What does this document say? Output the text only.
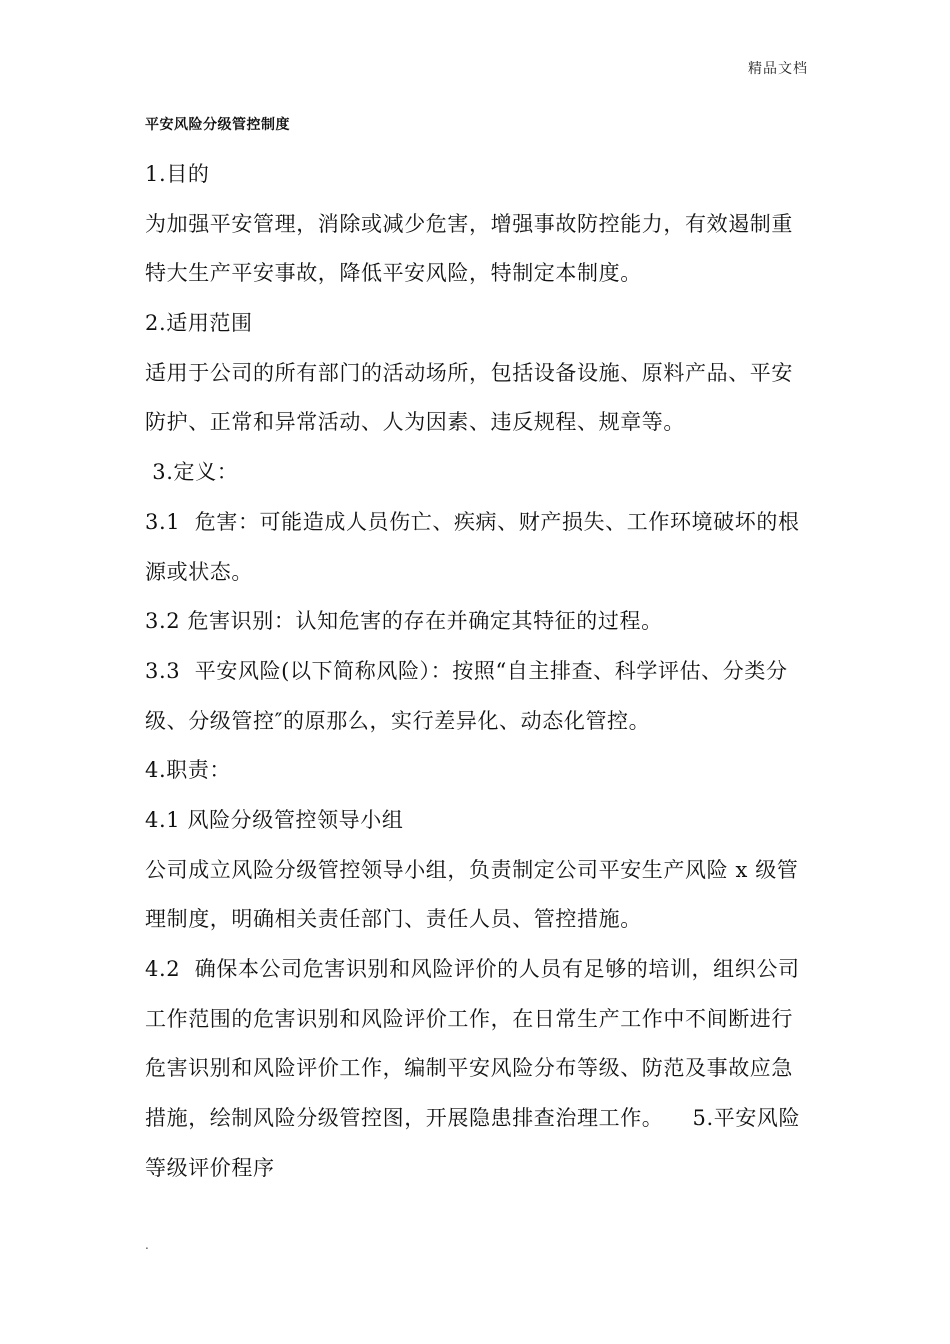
精品文档
平安风险分级管控制度
1.目的
为加强平安管理，消除或减少危害，增强事故防控能力，有效遏制重
特大生产平安事故，降低平安风险，特制定本制度。
2.适用范围
适用于公司的所有部门的活动场所，包括设备设施、原料产品、平安
防护、正常和异常活动、人为因素、违反规程、规章等。
3.定义：
3.1  危害：可能造成人员伤亡、疾病、财产损失、工作环境破坏的根
源或状态。
3.2 危害识别：认知危害的存在并确定其特征的过程。
3.3  平安风险(以下简称风险）：按照“自主排查、科学评估、分类分
级、分级管控″的原那么，实行差异化、动态化管控。
4.职责：
4.1 风险分级管控领导小组
公司成立风险分级管控领导小组，负责制定公司平安生产风险 x 级管
理制度，明确相关责任部门、责任人员、管控措施。
4.2  确保本公司危害识别和风险评价的人员有足够的培训，组织公司
工作范围的危害识别和风险评价工作，在日常生产工作中不间断进行
危害识别和风险评价工作，编制平安风险分布等级、防范及事故应急
措施，绘制风险分级管控图，开展隐患排查治理工作。    5.平安风险
等级评价程序
.
